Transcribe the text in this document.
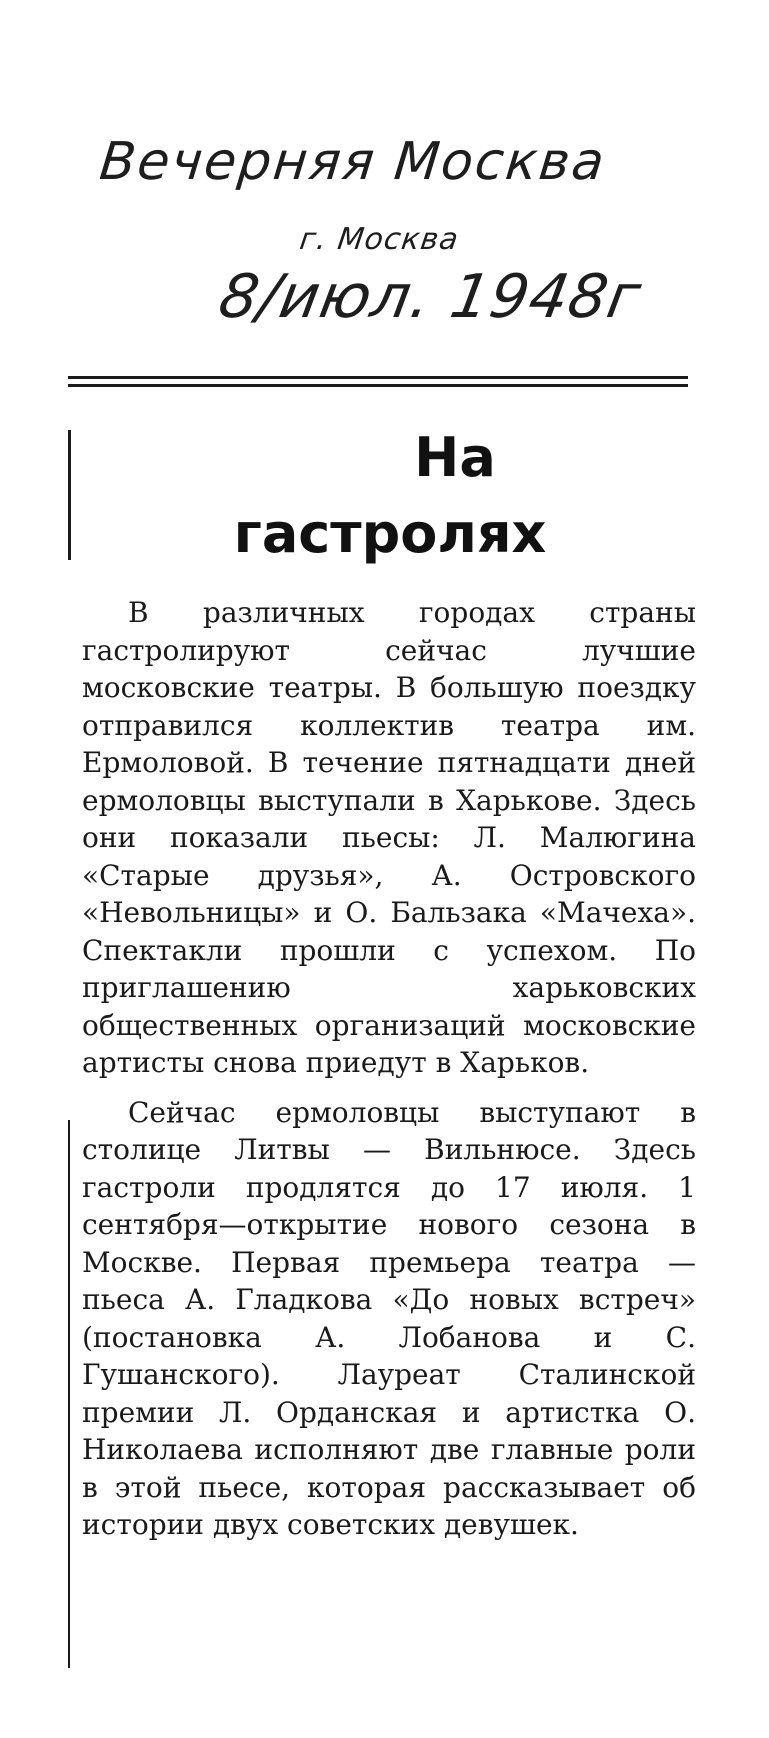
Вечерняя Москва
г. Москва
8/июл. 1948г
На
гастролях

В различных городах страны гастролируют сейчас лучшие московские театры. В большую поездку отправился коллектив театра им. Ермоловой. В течение пятнадцати дней ермоловцы выступали в Харькове. Здесь они показали пьесы: Л. Малюгина «Старые друзья», А. Островского «Невольницы» и О. Бальзака «Мачеха». Спектакли прошли с успехом. По приглашению харьковских общественных организаций московские артисты снова приедут в Харьков.

Сейчас ермоловцы выступают в столице Литвы — Вильнюсе. Здесь гастроли продлятся до 17 июля. 1 сентября—открытие нового сезона в Москве. Первая премьера театра — пьеса А. Гладкова «До новых встреч» (постановка А. Лобанова и С. Гушанского). Лауреат Сталинской премии Л. Орданская и артистка О. Николаева исполняют две главные роли в этой пьесе, которая рассказывает об истории двух советских девушек.
